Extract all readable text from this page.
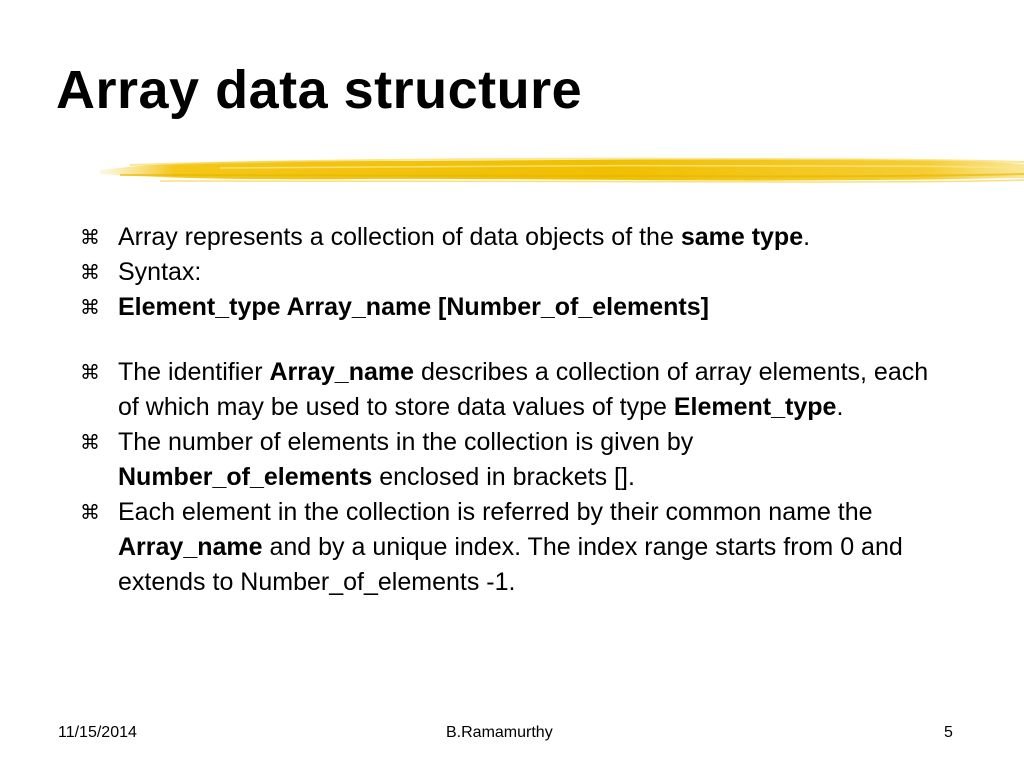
Array data structure
⌘ Array represents a collection of data objects of the same type.
⌘ Syntax:
⌘ Element_type Array_name [Number_of_elements]
⌘ The identifier Array_name describes a collection of array elements, each of which may be used to store data values of type Element_type.
⌘ The number of elements in the collection is given by Number_of_elements enclosed in brackets [].
⌘ Each element in the collection is referred by their common name the Array_name and by a unique index. The index range starts from 0 and extends to Number_of_elements -1.
11/15/2014	B.Ramamurthy	5
